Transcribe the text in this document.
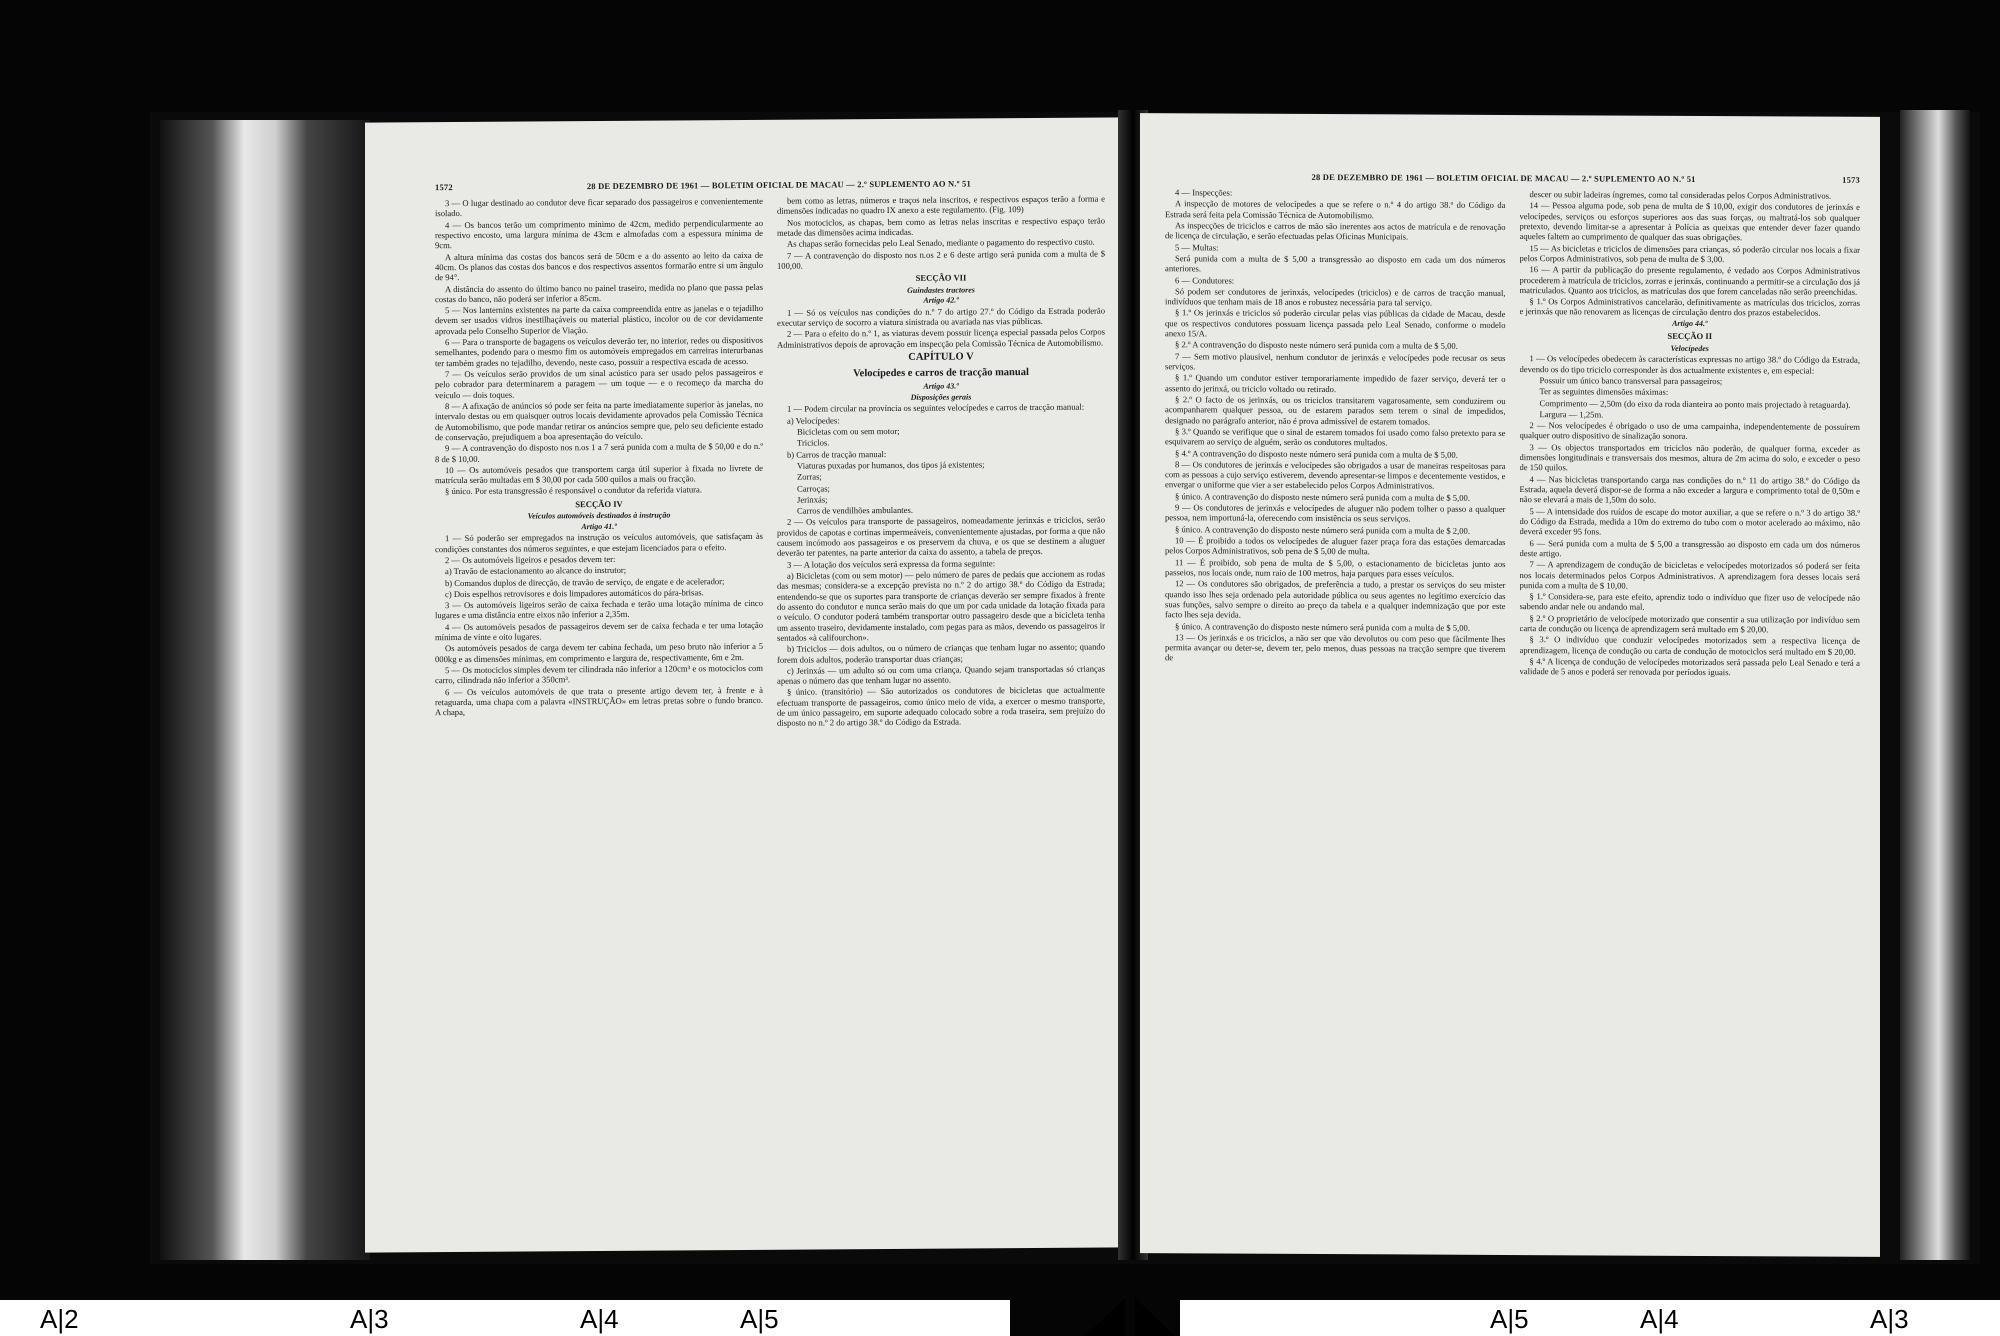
1572	28 DE DEZEMBRO DE 1961 — BOLETIM OFICIAL DE MACAU — 2.º SUPLEMENTO AO N.º 51

3 — O lugar destinado ao condutor deve ficar separado dos passageiros e convenientemente isolado.

4 — Os bancos terão um comprimento mínimo de 42cm, medido perpendicularmente ao respectivo encosto, uma largura mínima de 43cm e almofadas com a espessura mínima de 9cm.

A altura mínima das costas dos bancos será de 50cm e a do assento ao leito da caixa de 40cm. Os planos das costas dos bancos e dos respectivos assentos formarão entre si um ângulo de 94°.

A distância do assento do último banco no painel traseiro, medida no plano que passa pelas costas do banco, não poderá ser inferior a 85cm.

5 — Nos lanternins existentes na parte da caixa compreendida entre as janelas e o tejadilho devem ser usados vidros inestilhaçáveis ou material plástico, incolor ou de cor devidamente aprovada pelo Conselho Superior de Viação.

6 — Para o transporte de bagagens os veículos deverão ter, no interior, redes ou dispositivos semelhantes, podendo para o mesmo fim os automóveis empregados em carreiras interurbanas ter também grades no tejadilho, devendo, neste caso, possuir a respectiva escada de acesso.

7 — Os veículos serão providos de um sinal acústico para ser usado pelos passageiros e pelo cobrador para determinarem a paragem — um toque — e o recomeço da marcha do veículo — dois toques.

8 — A afixação de anúncios só pode ser feita na parte imediatamente superior às janelas, no intervalo destas ou em quaisquer outros locais devidamente aprovados pela Comissão Técnica de Automobilismo, que pode mandar retirar os anúncios sempre que, pelo seu deficiente estado de conservação, prejudiquem a boa apresentação do veículo.

9 — A contravenção do disposto nos n.os 1 a 7 será punida com a multa de $ 50,00 e do n.º 8 de $ 10,00.

10 — Os automóveis pesados que transportem carga útil superior à fixada no livrete de matrícula serão multadas em $ 30,00 por cada 500 quilos a mais ou fracção.

§ único. Por esta transgressão é responsável o condutor da referida viatura.

SECÇÃO IV

Veículos automóveis destinados à instrução

Artigo 41.º

1 — Só poderão ser empregados na instrução os veículos automóveis, que satisfaçam às condições constantes dos números seguintes, e que estejam licenciados para o efeito.

2 — Os automóveis ligeiros e pesados devem ter:

a) Travão de estacionamento ao alcance do instrutor;

b) Comandos duplos de direcção, de travão de serviço, de engate e de acelerador;

c) Dois espelhos retrovisores e dois limpadores automáticos do pára-brisas.

3 — Os automóveis ligeiros serão de caixa fechada e terão uma lotação mínima de cinco lugares e uma distância entre eixos não inferior a 2,35m.

4 — Os automóveis pesados de passageiros devem ser de caixa fechada e ter uma lotação mínima de vinte e oito lugares.

Os automóveis pesados de carga devem ter cabina fechada, um peso bruto não inferior a 5 000kg e as dimensões mínimas, em comprimento e largura de, respectivamente, 6m e 2m.

5 — Os motociclos simples devem ter cilindrada não inferior a 120cm³ e os motociclos com carro, cilindrada não inferior a 350cm³.

6 — Os veículos automóveis de que trata o presente artigo devem ter, à frente e à retaguarda, uma chapa com a palavra «INSTRUÇÃO» em letras pretas sobre o fundo branco. A chapa,

bem como as letras, números e traços nela inscritos, e respectivos espaços terão a forma e dimensões indicadas no quadro IX anexo a este regulamento. (Fig. 109)

Nos motociclos, as chapas, bem como as letras nelas inscritas e respectivo espaço terão metade das dimensões acima indicadas.

As chapas serão fornecidas pelo Leal Senado, mediante o pagamento do respectivo custo.

7 — A contravenção do disposto nos n.os 2 e 6 deste artigo será punida com a multa de $ 100,00.

SECÇÃO VII

Guindastes tractores

Artigo 42.º

1 — Só os veículos nas condições do n.º 7 do artigo 27.º do Código da Estrada poderão executar serviço de socorro a viatura sinistrada ou avariada nas vias públicas.

2 — Para o efeito do n.º 1, as viaturas devem possuir licença especial passada pelos Corpos Administrativos depois de aprovação em inspecção pela Comissão Técnica de Automobilismo.

CAPÍTULO V

Velocípedes e carros de tracção manual

Artigo 43.º

Disposições gerais

1 — Podem circular na província os seguintes velocípedes e carros de tracção manual:

a) Velocípedes:

Bicicletas com ou sem motor;

Triciclos.

b) Carros de tracção manual:

Viaturas puxadas por humanos, dos tipos já existentes;

Zorras;

Carroças;

Jerinxás;

Carros de vendilhões ambulantes.

2 — Os veículos para transporte de passageiros, nomeadamente jerinxás e triciclos, serão providos de capotas e cortinas impermeáveis, convenientemente ajustadas, por forma a que não causem incómodo aos passageiros e os preservem da chuva, e os que se destinem a aluguer deverão ter patentes, na parte anterior da caixa do assento, a tabela de preços.

3 — A lotação dos veículos será expressa da forma seguinte:

a) Bicicletas (com ou sem motor) — pelo número de pares de pedais que accionem as rodas das mesmas; considera-se a excepção prevista no n.º 2 do artigo 38.º do Código da Estrada; entendendo-se que os suportes para transporte de crianças deverão ser sempre fixados à frente do assento do condutor e nunca serão mais do que um por cada unidade da lotação fixada para o veículo. O condutor poderá também transportar outro passageiro desde que a bicicleta tenha um assento traseiro, devidamente instalado, com pegas para as mãos, devendo os passageiros ir sentados «à califourchon».

b) Triciclos — dois adultos, ou o número de crianças que tenham lugar no assento; quando forem dois adultos, poderão transportar duas crianças;

c) Jerinxás — um adulto só ou com uma criança. Quando sejam transportadas só crianças apenas o número das que tenham lugar no assento.

§ único. (transitório) — São autorizados os condutores de bicicletas que actualmente efectuam transporte de passageiros, como único meio de vida, a exercer o mesmo transporte, de um único passageiro, em suporte adequado colocado sobre a roda traseira, sem prejuízo do disposto no n.º 2 do artigo 38.º do Código da Estrada.

28 DE DEZEMBRO DE 1961 — BOLETIM OFICIAL DE MACAU — 2.º SUPLEMENTO AO N.º 51	1573

4 — Inspecções:

A inspecção de motores de velocípedes a que se refere o n.º 4 do artigo 38.º do Código da Estrada será feita pela Comissão Técnica de Automobilismo.

As inspecções de triciclos e carros de mão são inerentes aos actos de matrícula e de renovação de licença de circulação, e serão efectuadas pelas Oficinas Municipais.

5 — Multas:

Será punida com a multa de $ 5,00 a transgressão ao disposto em cada um dos números anteriores.

6 — Condutores:

Só podem ser condutores de jerinxás, velocípedes (triciclos) e de carros de tracção manual, indivíduos que tenham mais de 18 anos e robustez necessária para tal serviço.

§ 1.º Os jerinxás e triciclos só poderão circular pelas vias públicas da cidade de Macau, desde que os respectivos condutores possuam licença passada pelo Leal Senado, conforme o modelo anexo 15/A.

§ 2.º A contravenção do disposto neste número será punida com a multa de $ 5,00.

7 — Sem motivo plausível, nenhum condutor de jerinxás e velocípedes pode recusar os seus serviços.

§ 1.º Quando um condutor estiver temporariamente impedido de fazer serviço, deverá ter o assento do jerinxá, ou triciclo voltado ou retirado.

§ 2.º O facto de os jerinxás, ou os triciclos transitarem vagarosamente, sem conduzirem ou acompanharem qualquer pessoa, ou de estarem parados sem terem o sinal de impedidos, designado no parágrafo anterior, não é prova admissível de estarem tomados.

§ 3.º Quando se verifique que o sinal de estarem tomados foi usado como falso pretexto para se esquivarem ao serviço de alguém, serão os condutores multados.

§ 4.º A contravenção do disposto neste número será punida com a multa de $ 5,00.

8 — Os condutores de jerinxás e velocípedes são obrigados a usar de maneiras respeitosas para com as pessoas a cujo serviço estiverem, devendo apresentar-se limpos e decentemente vestidos, e envergar o uniforme que vier a ser estabelecido pelos Corpos Administrativos.

§ único. A contravenção do disposto neste número será punida com a multa de $ 5,00.

9 — Os condutores de jerinxás e velocípedes de aluguer não podem tolher o passo a qualquer pessoa, nem importuná-la, oferecendo com insistência os seus serviços.

§ único. A contravenção do disposto neste número será punida com a multa de $ 2,00.

10 — É proibido a todos os velocípedes de aluguer fazer praça fora das estações demarcadas pelos Corpos Administrativos, sob pena de $ 5,00 de multa.

11 — É proibido, sob pena de multa de $ 5,00, o estacionamento de bicicletas junto aos passeios, nos locais onde, num raio de 100 metros, haja parques para esses veículos.

12 — Os condutores são obrigados, de preferência a tudo, a prestar os serviços do seu mister quando isso lhes seja ordenado pela autoridade pública ou seus agentes no legítimo exercício das suas funções, salvo sempre o direito ao preço da tabela e a qualquer indemnização que por este facto lhes seja devida.

§ único. A contravenção do disposto neste número será punida com a multa de $ 5,00.

13 — Os jerinxás e os triciclos, a não ser que vão devolutos ou com peso que fàcilmente lhes permita avançar ou deter-se, devem ter, pelo menos, duas pessoas na tracção sempre que tiverem de

descer ou subir ladeiras íngremes, como tal consideradas pelos Corpos Administrativos.

14 — Pessoa alguma pode, sob pena de multa de $ 10,00, exigir dos condutores de jerinxás e velocípedes, serviços ou esforços superiores aos das suas forças, ou maltratá-los sob qualquer pretexto, devendo limitar-se a apresentar à Polícia as queixas que entender dever fazer quando aqueles faltem ao cumprimento de qualquer das suas obrigações.

15 — As bicicletas e triciclos de dimensões para crianças, só poderão circular nos locais a fixar pelos Corpos Administrativos, sob pena de multa de $ 3,00.

16 — A partir da publicação do presente regulamento, é vedado aos Corpos Administrativos procederem à matrícula de triciclos, zorras e jerinxás, continuando a permitir-se a circulação dos já matriculados. Quanto aos triciclos, as matrículas dos que forem canceladas não serão preenchidas.

§ 1.º Os Corpos Administrativos cancelarão, definitivamente as matrículas dos triciclos, zorras e jerinxás que não renovarem as licenças de circulação dentro dos prazos estabelecidos.

Artigo 44.º

SECÇÃO II

Velocípedes

1 — Os velocípedes obedecem às características expressas no artigo 38.º do Código da Estrada, devendo os do tipo triciclo corresponder às dos actualmente existentes e, em especial:

Possuir um único banco transversal para passageiros;

Ter as seguintes dimensões máximas:

Comprimento — 2,50m (do eixo da roda dianteira ao ponto mais projectado à retaguarda).

Largura — 1,25m.

2 — Nos velocípedes é obrigado o uso de uma campainha, independentemente de possuírem qualquer outro dispositivo de sinalização sonora.

3 — Os objectos transportados em triciclos não poderão, de qualquer forma, exceder as dimensões longitudinais e transversais dos mesmos, altura de 2m acima do solo, e exceder o peso de 150 quilos.

4 — Nas bicicletas transportando carga nas condições do n.º 11 do artigo 38.º do Código da Estrada, aquela deverá dispor-se de forma a não exceder a largura e comprimento total de 0,50m e não se elevará a mais de 1,50m do solo.

5 — A intensidade dos ruídos de escape do motor auxiliar, a que se refere o n.º 3 do artigo 38.º do Código da Estrada, medida a 10m do extremo do tubo com o motor acelerado ao máximo, não deverá exceder 95 fons.

6 — Será punida com a multa de $ 5,00 a transgressão ao disposto em cada um dos números deste artigo.

7 — A aprendizagem de condução de bicicletas e velocípedes motorizados só poderá ser feita nos locais determinados pelos Corpos Administrativos. A aprendizagem fora desses locais será punida com a multa de $ 10,00.

§ 1.º Considera-se, para este efeito, aprendiz todo o indivíduo que fizer uso de velocípede não sabendo andar nele ou andando mal.

§ 2.º O proprietário de velocípede motorizado que consentir a sua utilização por indivíduo sem carta de condução ou licença de aprendizagem será multado em $ 20,00.

§ 3.º O indivíduo que conduzir velocípedes motorizados sem a respectiva licença de aprendizagem, licença de condução ou carta de condução de motociclos será multado em $ 20,00.

§ 4.º A licença de condução de velocípedes motorizados será passada pelo Leal Senado e terá a validade de 5 anos e poderá ser renovada por períodos iguais.

A|2	A|3	A|4	A|5	A|5	A|4	A|3
